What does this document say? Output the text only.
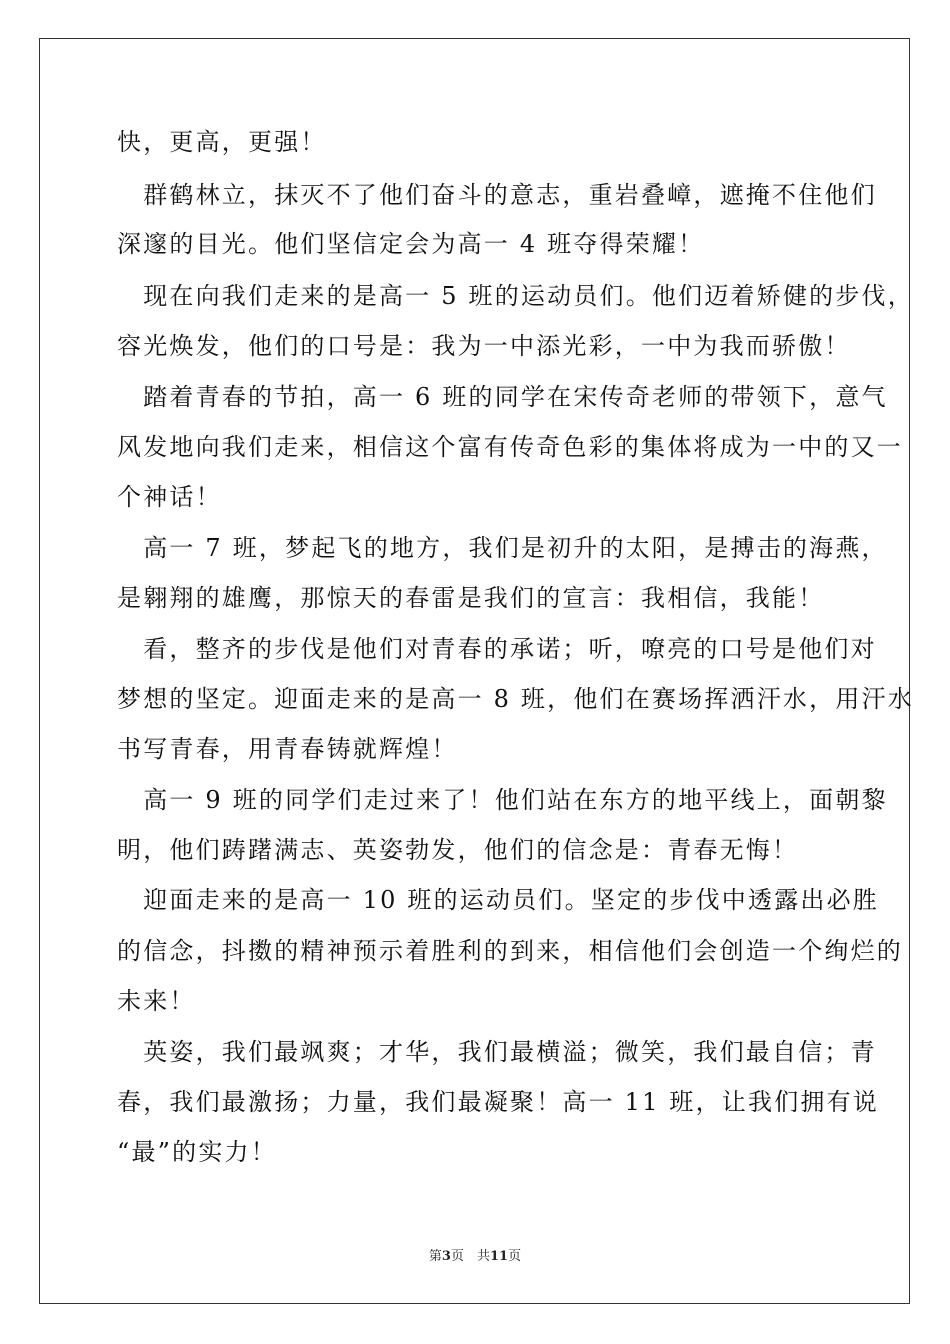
快，更高，更强！
　群鹤林立，抹灭不了他们奋斗的意志，重岩叠嶂，遮掩不住他们
深邃的目光。他们坚信定会为高一 4 班夺得荣耀！
　现在向我们走来的是高一 5 班的运动员们。他们迈着矫健的步伐，
容光焕发，他们的口号是：我为一中添光彩，一中为我而骄傲！
　踏着青春的节拍，高一 6 班的同学在宋传奇老师的带领下，意气
风发地向我们走来，相信这个富有传奇色彩的集体将成为一中的又一
个神话！
　高一 7 班，梦起飞的地方，我们是初升的太阳，是搏击的海燕，
是翱翔的雄鹰，那惊天的春雷是我们的宣言：我相信，我能！
　看，整齐的步伐是他们对青春的承诺；听，嘹亮的口号是他们对
梦想的坚定。迎面走来的是高一 8 班，他们在赛场挥洒汗水，用汗水
书写青春，用青春铸就辉煌！
　高一 9 班的同学们走过来了！他们站在东方的地平线上，面朝黎
明，他们踌躇满志、英姿勃发，他们的信念是：青春无悔！
　迎面走来的是高一 10 班的运动员们。坚定的步伐中透露出必胜
的信念，抖擞的精神预示着胜利的到来，相信他们会创造一个绚烂的
未来！
　英姿，我们最飒爽；才华，我们最横溢；微笑，我们最自信；青
春，我们最激扬；力量，我们最凝聚！高一 11 班，让我们拥有说
“最”的实力！
第3页　共11页
